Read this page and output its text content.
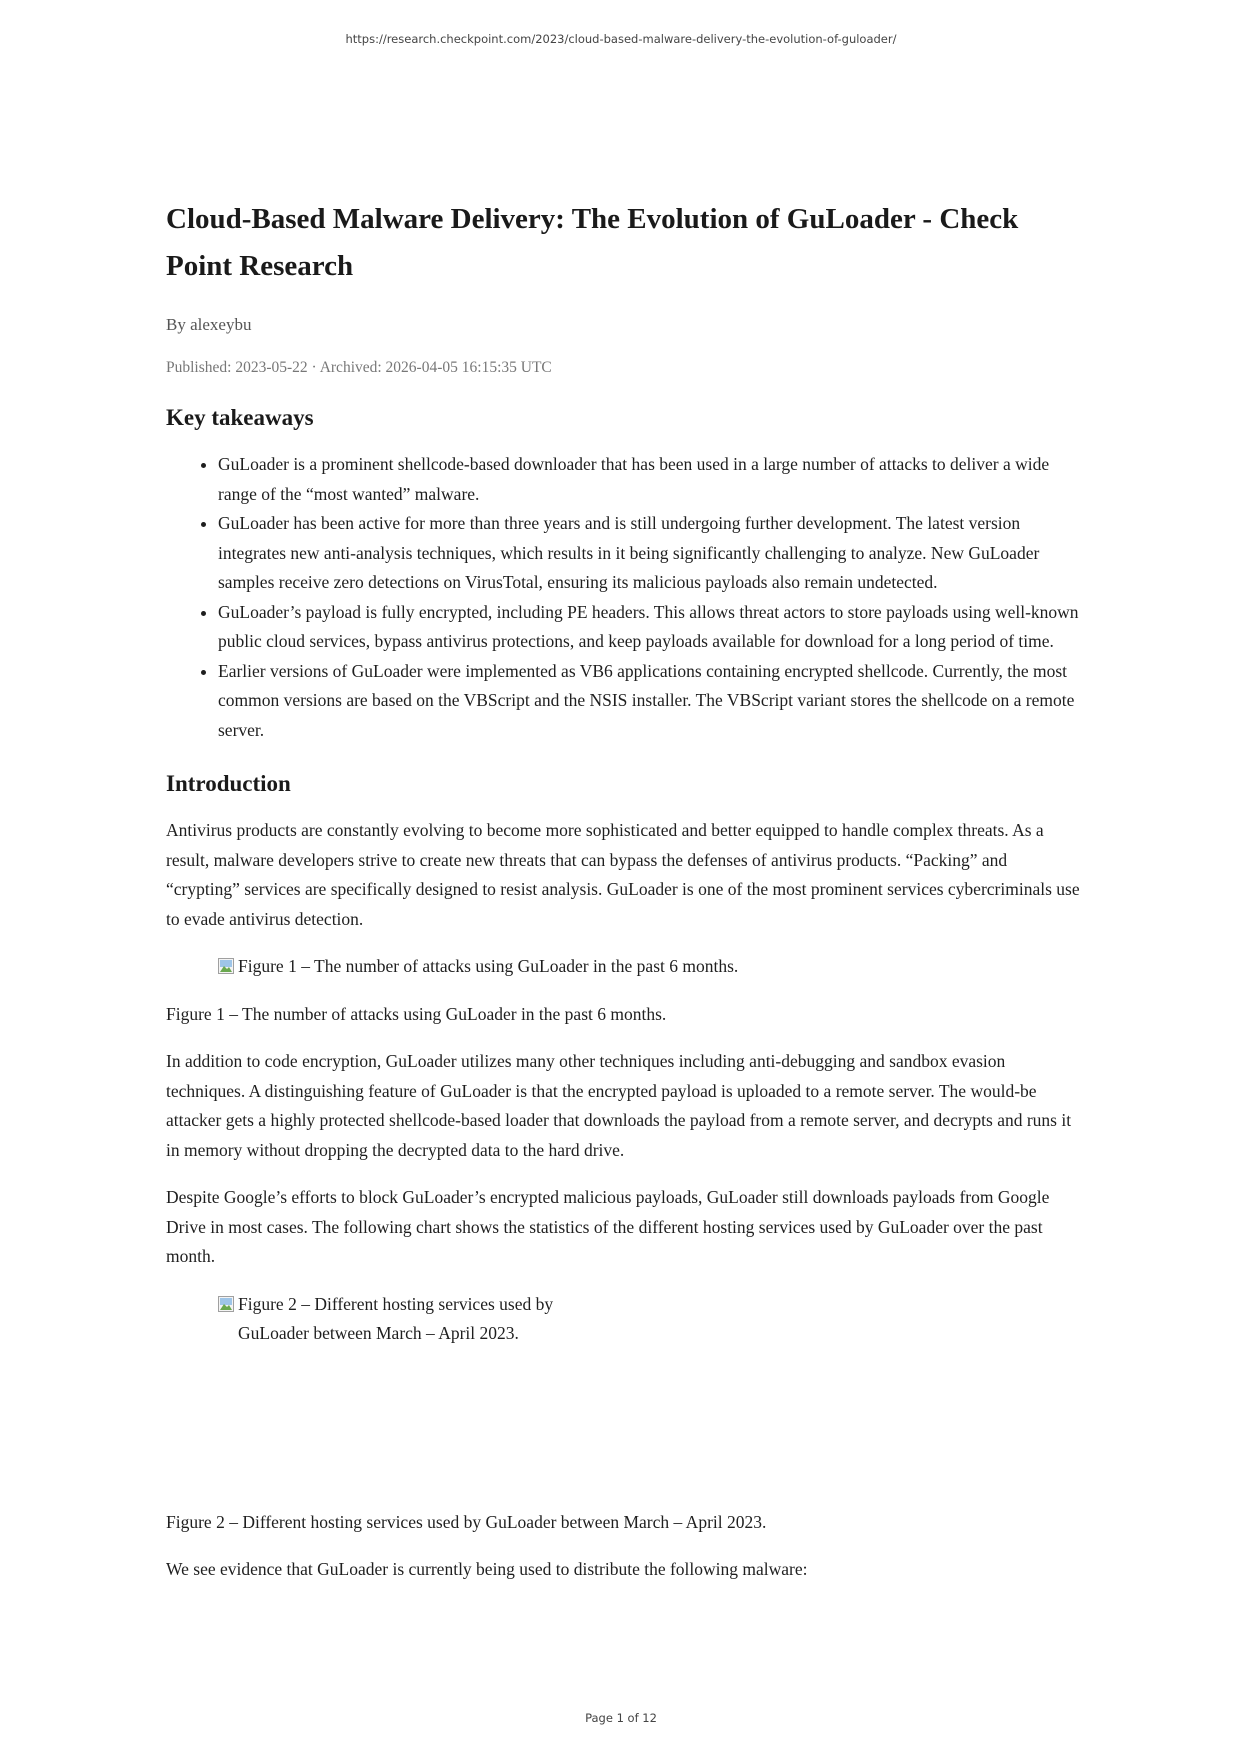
https://research.checkpoint.com/2023/cloud-based-malware-delivery-the-evolution-of-guloader/
Cloud-Based Malware Delivery: The Evolution of GuLoader - Check Point Research
By alexeybu
Published: 2023-05-22 · Archived: 2026-04-05 16:15:35 UTC
Key takeaways
• GuLoader is a prominent shellcode-based downloader that has been used in a large number of attacks to deliver a wide range of the “most wanted” malware.
• GuLoader has been active for more than three years and is still undergoing further development. The latest version integrates new anti-analysis techniques, which results in it being significantly challenging to analyze. New GuLoader samples receive zero detections on VirusTotal, ensuring its malicious payloads also remain undetected.
• GuLoader’s payload is fully encrypted, including PE headers. This allows threat actors to store payloads using well-known public cloud services, bypass antivirus protections, and keep payloads available for download for a long period of time.
• Earlier versions of GuLoader were implemented as VB6 applications containing encrypted shellcode. Currently, the most common versions are based on the VBScript and the NSIS installer. The VBScript variant stores the shellcode on a remote server.
Introduction

Antivirus products are constantly evolving to become more sophisticated and better equipped to handle complex threats. As a result, malware developers strive to create new threats that can bypass the defenses of antivirus products. “Packing” and “crypting” services are specifically designed to resist analysis. GuLoader is one of the most prominent services cybercriminals use to evade antivirus detection.

Figure 1 – The number of attacks using GuLoader in the past 6 months.

Figure 1 – The number of attacks using GuLoader in the past 6 months.

In addition to code encryption, GuLoader utilizes many other techniques including anti-debugging and sandbox evasion techniques. A distinguishing feature of GuLoader is that the encrypted payload is uploaded to a remote server. The would-be attacker gets a highly protected shellcode-based loader that downloads the payload from a remote server, and decrypts and runs it in memory without dropping the decrypted data to the hard drive.

Despite Google’s efforts to block GuLoader’s encrypted malicious payloads, GuLoader still downloads payloads from Google Drive in most cases. The following chart shows the statistics of the different hosting services used by GuLoader over the past month.

Figure 2 – Different hosting services used by GuLoader between March – April 2023.

Figure 2 – Different hosting services used by GuLoader between March – April 2023.

We see evidence that GuLoader is currently being used to distribute the following malware:

Page 1 of 12
